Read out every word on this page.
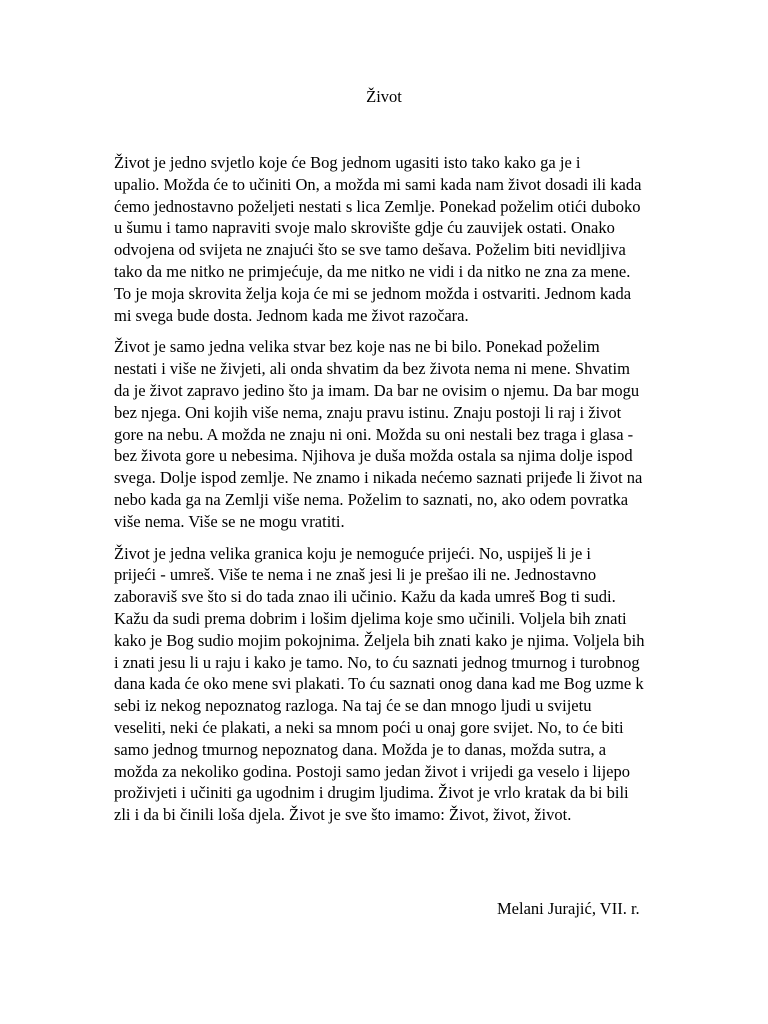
Život

Život je jedno svjetlo koje će Bog jednom ugasiti isto tako kako ga je i
upalio. Možda će to učiniti On, a možda mi sami kada nam život dosadi ili kada
ćemo jednostavno poželjeti nestati s lica Zemlje. Ponekad poželim otići duboko
u šumu i tamo napraviti svoje malo skrovište gdje ću zauvijek ostati. Onako
odvojena od svijeta ne znajući što se sve tamo dešava. Poželim biti nevidljiva
tako da me nitko ne primjećuje, da me nitko ne vidi i da nitko ne zna za mene.
To je moja skrovita želja koja će mi se jednom možda i ostvariti. Jednom kada
mi svega bude dosta. Jednom kada me život razočara.

Život je samo jedna velika stvar bez koje nas ne bi bilo. Ponekad poželim
nestati i više ne živjeti, ali onda shvatim da bez života nema ni mene. Shvatim
da je život zapravo jedino što ja imam. Da bar ne ovisim o njemu. Da bar mogu
bez njega. Oni kojih više nema, znaju pravu istinu. Znaju postoji li raj i život
gore na nebu. A možda ne znaju ni oni. Možda su oni nestali bez traga i glasa -
bez života gore u nebesima. Njihova je duša možda ostala sa njima dolje ispod
svega. Dolje ispod zemlje. Ne znamo i nikada nećemo saznati prijeđe li život na
nebo kada ga na Zemlji više nema. Poželim to saznati, no, ako odem povratka
više nema. Više se ne mogu vratiti.

Život je jedna velika granica koju je nemoguće prijeći. No, uspiješ li je i
prijeći - umreš. Više te nema i ne znaš jesi li je prešao ili ne. Jednostavno
zaboraviš sve što si do tada znao ili učinio. Kažu da kada umreš Bog ti sudi.
Kažu da sudi prema dobrim i lošim djelima koje smo učinili. Voljela bih znati
kako je Bog sudio mojim pokojnima. Željela bih znati kako je njima. Voljela bih
i znati jesu li u raju i kako je tamo. No, to ću saznati jednog tmurnog i turobnog
dana kada će oko mene svi plakati. To ću saznati onog dana kad me Bog uzme k
sebi iz nekog nepoznatog razloga. Na taj će se dan mnogo ljudi u svijetu
veseliti, neki će plakati, a neki sa mnom poći u onaj gore svijet. No, to će biti
samo jednog tmurnog nepoznatog dana. Možda je to danas, možda sutra, a
možda za nekoliko godina. Postoji samo jedan život i vrijedi ga veselo i lijepo
proživjeti i učiniti ga ugodnim i drugim ljudima. Život je vrlo kratak da bi bili
zli i da bi činili loša djela. Život je sve što imamo: Život, život, život.

Melani Jurajić, VII. r.
